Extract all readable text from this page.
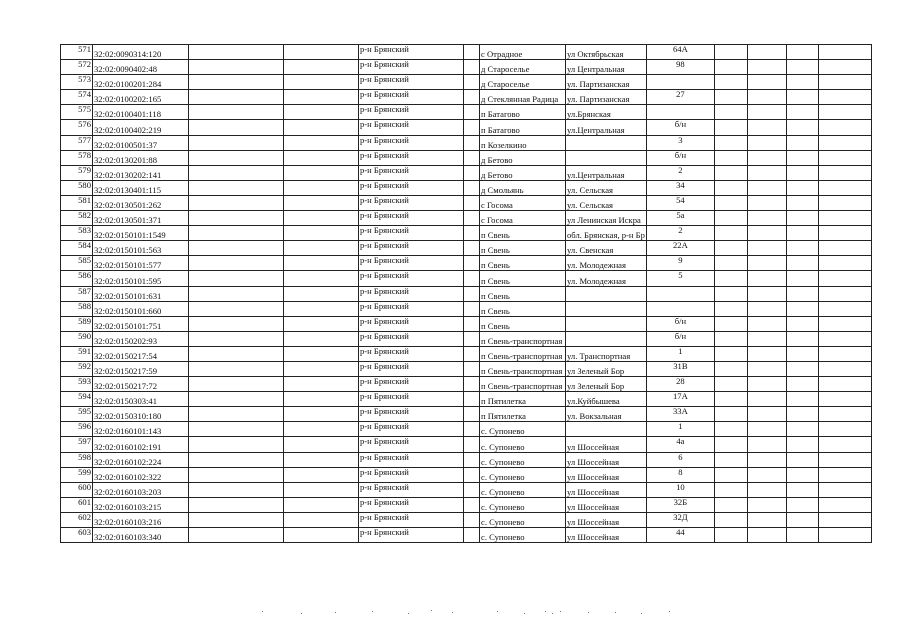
571	32:02:0090314:120			р-н Брянский		с Отрадное	ул Октябрьская	64А				
572	32:02:0090402:48			р-н Брянский		д Староселье	ул Центральная	98				
573	32:02:0100201:284			р-н Брянский		д Староселье	ул. Партизанская					
574	32:02:0100202:165			р-н Брянский		д Стеклянная Радица	ул. Партизанская	27				
575	32:02:0100401:118			р-н Брянский		п Батагово	ул.Брянская					
576	32:02:0100402:219			р-н Брянский		п Батагово	ул.Центральная	б/н				
577	32:02:0100501:37			р-н Брянский		п Козелкино		3				
578	32:02:0130201:88			р-н Брянский		д Бетово		б/н				
579	32:02:0130202:141			р-н Брянский		д Бетово	ул.Центральная	2				
580	32:02:0130401:115			р-н Брянский		д Смольянь	ул. Сельская	34				
581	32:02:0130501:262			р-н Брянский		с Госома	ул. Сельская	54				
582	32:02:0130501:371			р-н Брянский		с Госома	ул Ленинская Искра	5а				
583	32:02:0150101:1549			р-н Брянский		п Свень	обл. Брянская, р-н Бр	2				
584	32:02:0150101:563			р-н Брянский		п Свень	ул. Свенская	22А				
585	32:02:0150101:577			р-н Брянский		п Свень	ул. Молодежная	9				
586	32:02:0150101:595			р-н Брянский		п Свень	ул. Молодежная	5				
587	32:02:0150101:631			р-н Брянский		п Свень						
588	32:02:0150101:660			р-н Брянский		п Свень						
589	32:02:0150101:751			р-н Брянский		п Свень		б/н				
590	32:02:0150202:93			р-н Брянский		п Свень-транспортная		б/н				
591	32:02:0150217:54			р-н Брянский		п Свень-транспортная	ул. Транспортная	1				
592	32:02:0150217:59			р-н Брянский		п Свень-транспортная	ул Зеленый Бор	31В				
593	32:02:0150217:72			р-н Брянский		п Свень-транспортная	ул Зеленый Бор	28				
594	32:02:0150303:41			р-н Брянский		п Пятилетка	ул.Куйбышева	17А				
595	32:02:0150310:180			р-н Брянский		п Пятилетка	ул. Вокзальная	33А				
596	32:02:0160101:143			р-н Брянский		с. Супонево		1				
597	32:02:0160102:191			р-н Брянский		с. Супонево	ул Шоссейная	4а				
598	32:02:0160102:224			р-н Брянский		с. Супонево	ул Шоссейная	6				
599	32:02:0160102:322			р-н Брянский		с. Супонево	ул Шоссейная	8				
600	32:02:0160103:203			р-н Брянский		с. Супонево	ул Шоссейная	10				
601	32:02:0160103:215			р-н Брянский		с. Супонево	ул Шоссейная	32Б				
602	32:02:0160103:216			р-н Брянский		с. Супонево	ул Шоссейная	32Д				
603	32:02:0160103:340			р-н Брянский		с. Супонево	ул Шоссейная	44				
